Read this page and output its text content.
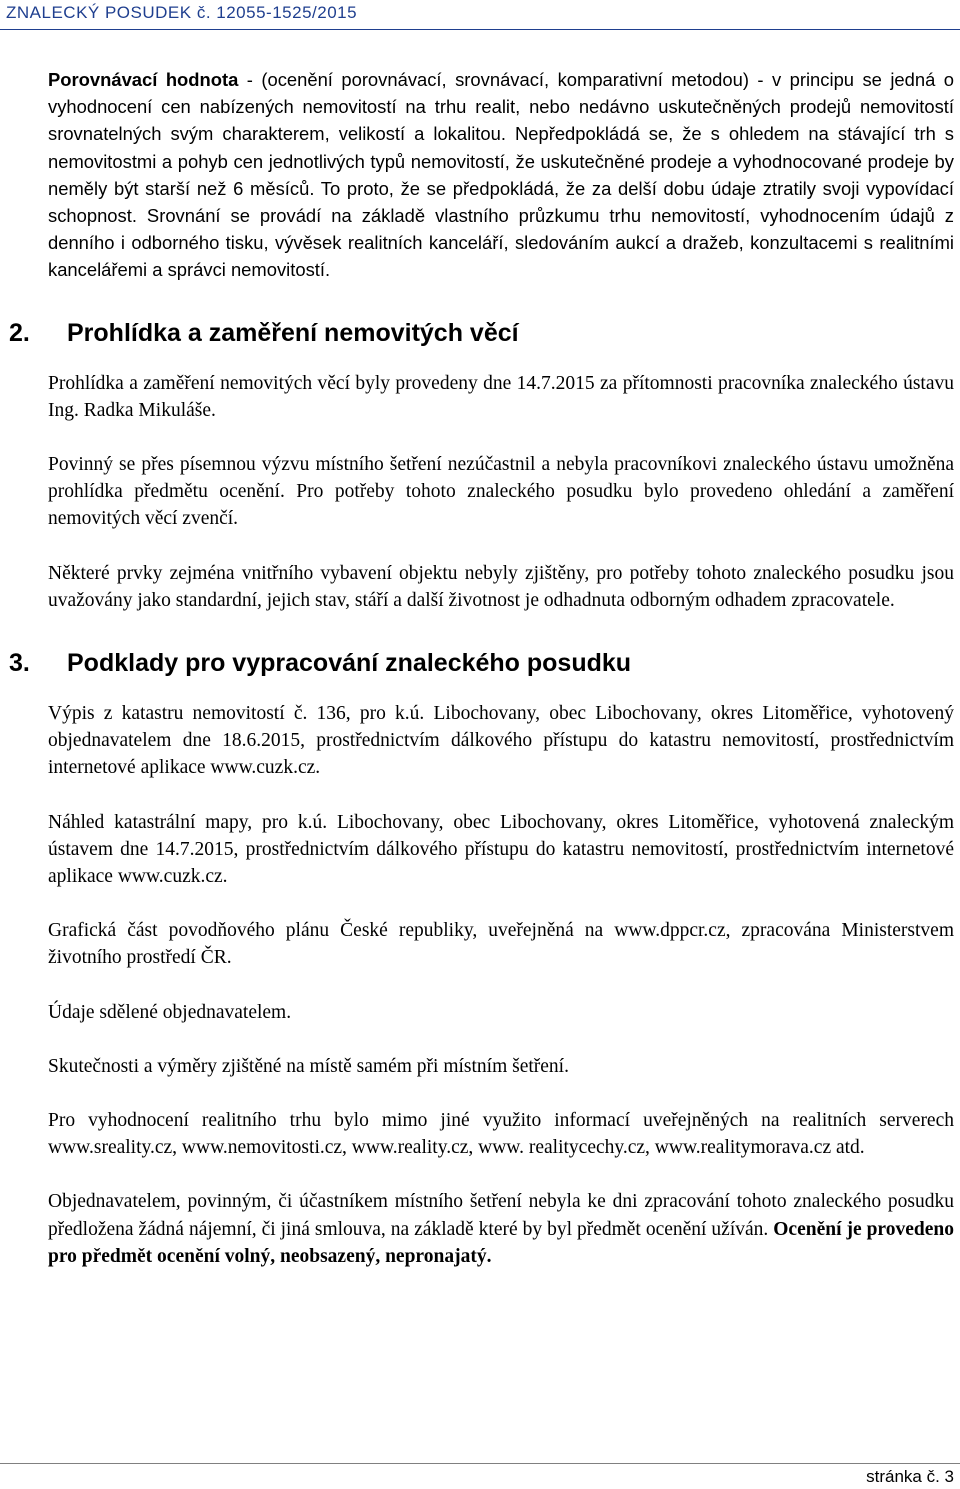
ZNALECKÝ POSUDEK č. 12055-1525/2015

Porovnávací hodnota - (ocenění porovnávací, srovnávací, komparativní metodou) - v principu se jedná o vyhodnocení cen nabízených nemovitostí na trhu realit, nebo nedávno uskutečněných prodejů nemovitostí srovnatelných svým charakterem, velikostí a lokalitou. Nepředpokládá se, že s ohledem na stávající trh s nemovitostmi a pohyb cen jednotlivých typů nemovitostí, že uskutečněné prodeje a vyhodnocované prodeje by neměly být starší než 6 měsíců. To proto, že se předpokládá, že za delší dobu údaje ztratily svoji vypovídací schopnost. Srovnání se provádí na základě vlastního průzkumu trhu nemovitostí, vyhodnocením údajů z denního i odborného tisku, vývěsek realitních kanceláří, sledováním aukcí a dražeb, konzultacemi s realitními kancelářemi a správci nemovitostí.

2.	Prohlídka a zaměření nemovitých věcí

Prohlídka a zaměření nemovitých věcí byly provedeny dne 14.7.2015 za přítomnosti pracovníka znaleckého ústavu Ing. Radka Mikuláše.

Povinný se přes písemnou výzvu místního šetření nezúčastnil a nebyla pracovníkovi znaleckého ústavu umožněna prohlídka předmětu ocenění. Pro potřeby tohoto znaleckého posudku bylo provedeno ohledání a zaměření nemovitých věcí zvenčí.

Některé prvky zejména vnitřního vybavení objektu nebyly zjištěny, pro potřeby tohoto znaleckého posudku jsou uvažovány jako standardní, jejich stav, stáří a další životnost je odhadnuta odborným odhadem zpracovatele.

3.	Podklady pro vypracování znaleckého posudku

Výpis z katastru nemovitostí č. 136, pro k.ú. Libochovany, obec Libochovany, okres Litoměřice, vyhotovený objednavatelem dne 18.6.2015, prostřednictvím dálkového přístupu do katastru nemovitostí, prostřednictvím internetové aplikace www.cuzk.cz.

Náhled katastrální mapy, pro k.ú. Libochovany, obec Libochovany, okres Litoměřice, vyhotovená znaleckým ústavem dne 14.7.2015, prostřednictvím dálkového přístupu do katastru nemovitostí, prostřednictvím internetové aplikace www.cuzk.cz.

Grafická část povodňového plánu České republiky, uveřejněná na www.dppcr.cz, zpracována Ministerstvem životního prostředí ČR.

Údaje sdělené objednavatelem.

Skutečnosti a výměry zjištěné na místě samém při místním šetření.

Pro vyhodnocení realitního trhu bylo mimo jiné využito informací uveřejněných na realitních serverech www.sreality.cz, www.nemovitosti.cz, www.reality.cz, www. realitycechy.cz, www.realitymorava.cz atd.

Objednavatelem, povinným, či účastníkem místního šetření nebyla ke dni zpracování tohoto znaleckého posudku předložena žádná nájemní, či jiná smlouva, na základě které by byl předmět ocenění užíván. Ocenění je provedeno pro předmět ocenění volný, neobsazený, nepronajatý.

stránka č. 3
